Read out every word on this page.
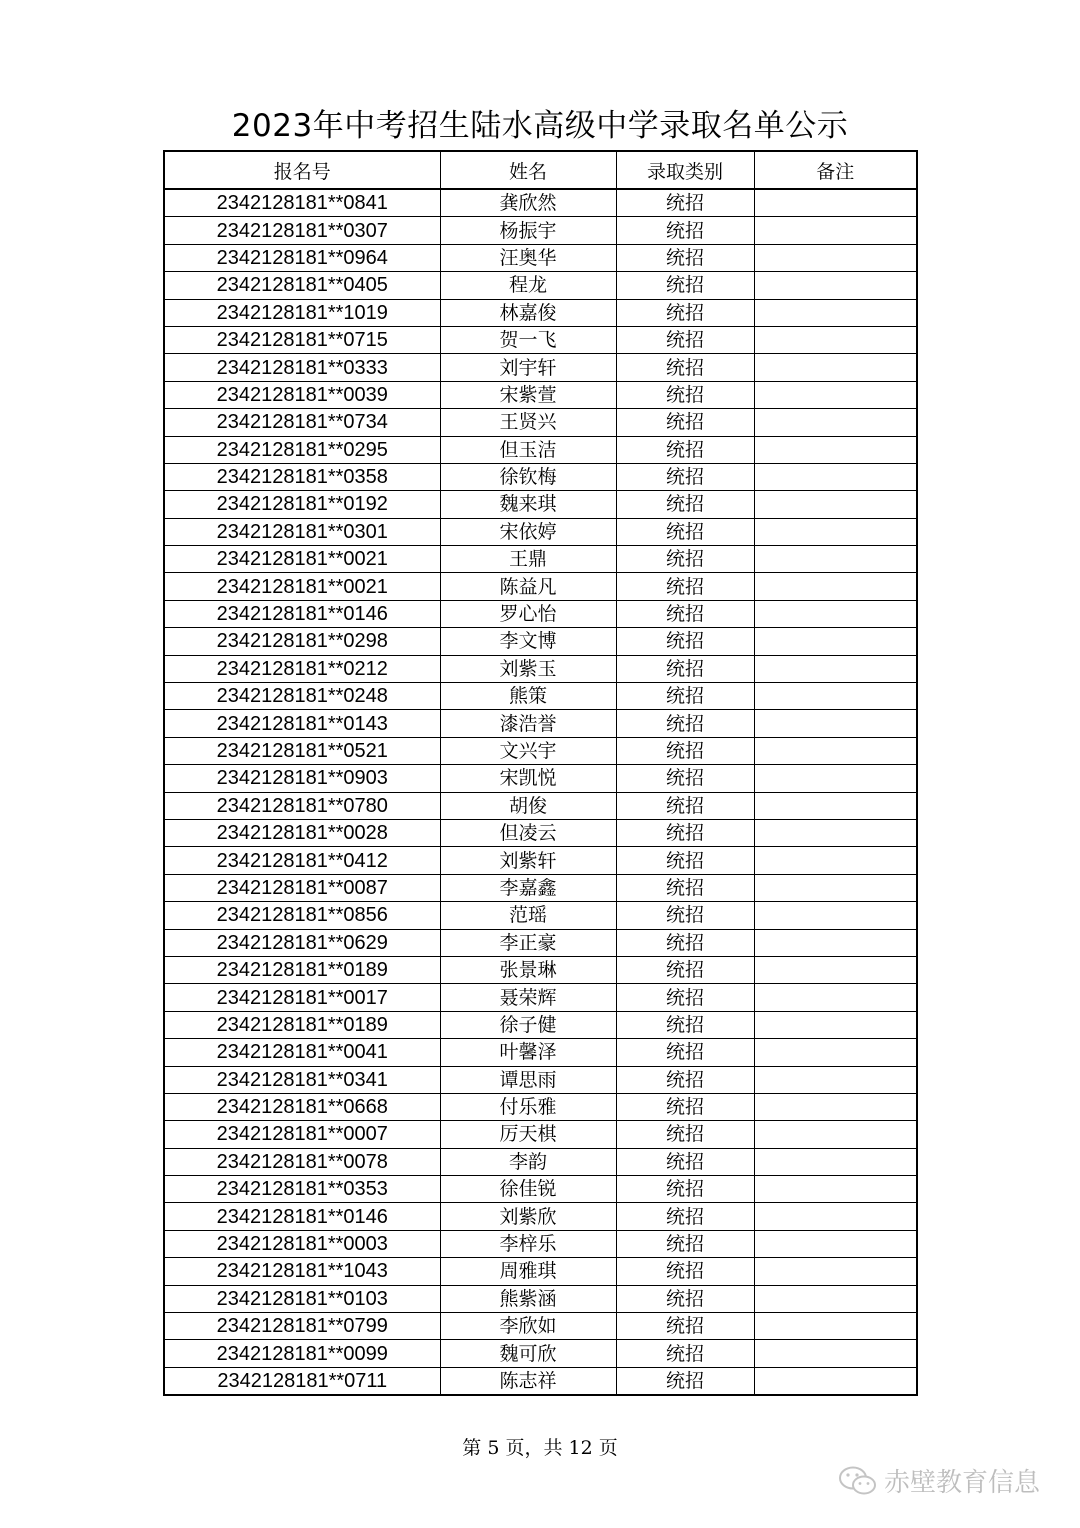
2023年中考招生陆水高级中学录取名单公示
报名号	姓名	录取类别	备注
2342128181**0841	龚欣然	统招	
2342128181**0307	杨振宇	统招	
2342128181**0964	汪奥华	统招	
2342128181**0405	程龙	统招	
2342128181**1019	林嘉俊	统招	
2342128181**0715	贺一飞	统招	
2342128181**0333	刘宇轩	统招	
2342128181**0039	宋紫萱	统招	
2342128181**0734	王贤兴	统招	
2342128181**0295	但玉洁	统招	
2342128181**0358	徐钦梅	统招	
2342128181**0192	魏来琪	统招	
2342128181**0301	宋依婷	统招	
2342128181**0021	王鼎	统招	
2342128181**0021	陈益凡	统招	
2342128181**0146	罗心怡	统招	
2342128181**0298	李文博	统招	
2342128181**0212	刘紫玉	统招	
2342128181**0248	熊策	统招	
2342128181**0143	漆浩誉	统招	
2342128181**0521	文兴宇	统招	
2342128181**0903	宋凯悦	统招	
2342128181**0780	胡俊	统招	
2342128181**0028	但凌云	统招	
2342128181**0412	刘紫轩	统招	
2342128181**0087	李嘉鑫	统招	
2342128181**0856	范瑶	统招	
2342128181**0629	李正豪	统招	
2342128181**0189	张景琳	统招	
2342128181**0017	聂荣辉	统招	
2342128181**0189	徐子健	统招	
2342128181**0041	叶馨泽	统招	
2342128181**0341	谭思雨	统招	
2342128181**0668	付乐雅	统招	
2342128181**0007	厉天棋	统招	
2342128181**0078	李韵	统招	
2342128181**0353	徐佳锐	统招	
2342128181**0146	刘紫欣	统招	
2342128181**0003	李梓乐	统招	
2342128181**1043	周雅琪	统招	
2342128181**0103	熊紫涵	统招	
2342128181**0799	李欣如	统招	
2342128181**0099	魏可欣	统招	
2342128181**0711	陈志祥	统招	
第 5 页，共 12 页
赤壁教育信息
